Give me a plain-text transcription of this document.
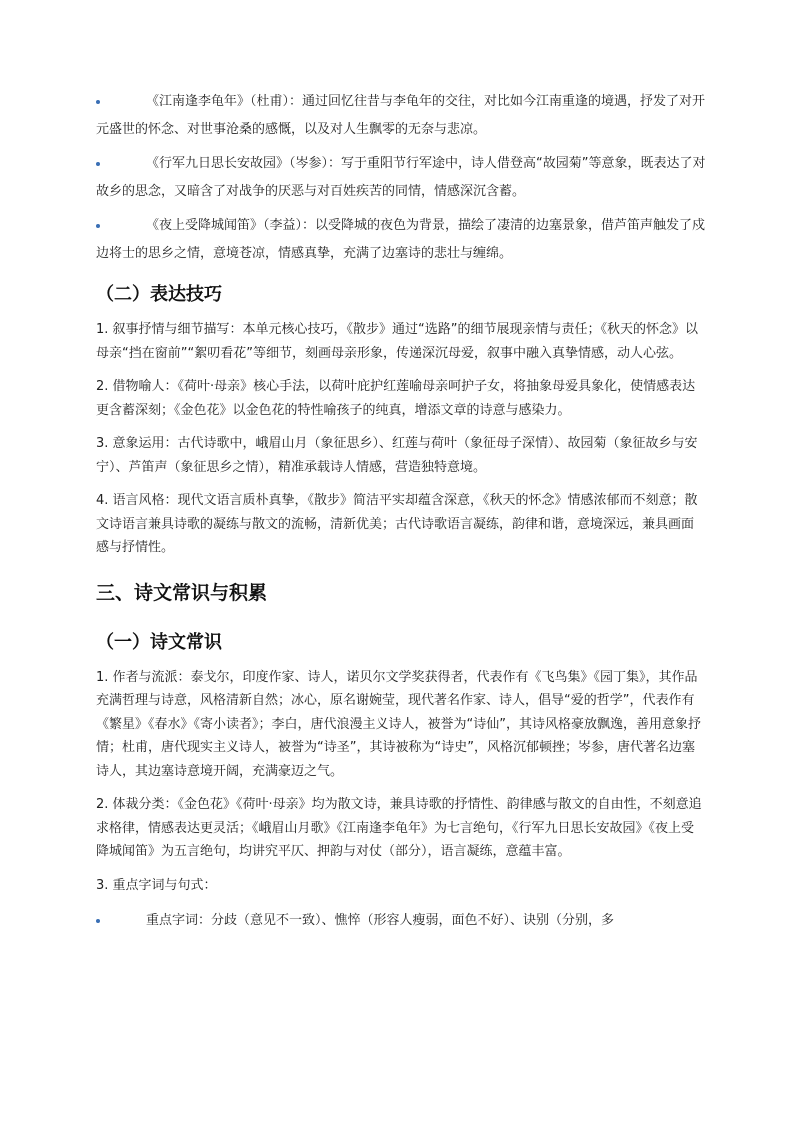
《江南逢李龟年》（杜甫）：通过回忆往昔与李龟年的交往，对比如今江南重逢的境遇，抒发了对开元盛世的怀念、对世事沧桑的感慨，以及对人生飘零的无奈与悲凉。
《行军九日思长安故园》（岑参）：写于重阳节行军途中，诗人借登高“故园菊”等意象，既表达了对故乡的思念，又暗含了对战争的厌恶与对百姓疾苦的同情，情感深沉含蓄。
《夜上受降城闻笛》（李益）：以受降城的夜色为背景，描绘了凄清的边塞景象，借芦笛声触发了戍边将士的思乡之情，意境苍凉，情感真挚，充满了边塞诗的悲壮与缠绵。
（二）表达技巧

1. 叙事抒情与细节描写：本单元核心技巧，《散步》通过“选路”的细节展现亲情与责任；《秋天的怀念》以母亲“挡在窗前”“絮叨看花”等细节，刻画母亲形象，传递深沉母爱，叙事中融入真挚情感，动人心弦。

2. 借物喻人：《荷叶·母亲》核心手法，以荷叶庇护红莲喻母亲呵护子女，将抽象母爱具象化，使情感表达更含蓄深刻；《金色花》以金色花的特性喻孩子的纯真，增添文章的诗意与感染力。

3. 意象运用：古代诗歌中，峨眉山月（象征思乡）、红莲与荷叶（象征母子深情）、故园菊（象征故乡与安宁）、芦笛声（象征思乡之情），精准承载诗人情感，营造独特意境。

4. 语言风格：现代文语言质朴真挚，《散步》简洁平实却蕴含深意，《秋天的怀念》情感浓郁而不刻意；散文诗语言兼具诗歌的凝练与散文的流畅，清新优美；古代诗歌语言凝练，韵律和谐，意境深远，兼具画面感与抒情性。

三、诗文常识与积累
（一）诗文常识

1. 作者与流派：泰戈尔，印度作家、诗人，诺贝尔文学奖获得者，代表作有《飞鸟集》《园丁集》，其作品充满哲理与诗意，风格清新自然；冰心，原名谢婉莹，现代著名作家、诗人，倡导“爱的哲学”，代表作有《繁星》《春水》《寄小读者》；李白，唐代浪漫主义诗人，被誉为“诗仙”，其诗风格豪放飘逸，善用意象抒情；杜甫，唐代现实主义诗人，被誉为“诗圣”，其诗被称为“诗史”，风格沉郁顿挫；岑参，唐代著名边塞诗人，其边塞诗意境开阔，充满豪迈之气。

2. 体裁分类：《金色花》《荷叶·母亲》均为散文诗，兼具诗歌的抒情性、韵律感与散文的自由性，不刻意追求格律，情感表达更灵活；《峨眉山月歌》《江南逢李龟年》为七言绝句，《行军九日思长安故园》《夜上受降城闻笛》为五言绝句，均讲究平仄、押韵与对仗（部分），语言凝练，意蕴丰富。

3. 重点字词与句式：

重点字词：分歧（意见不一致）、憔悴（形容人瘦弱，面色不好）、诀别（分别，多
